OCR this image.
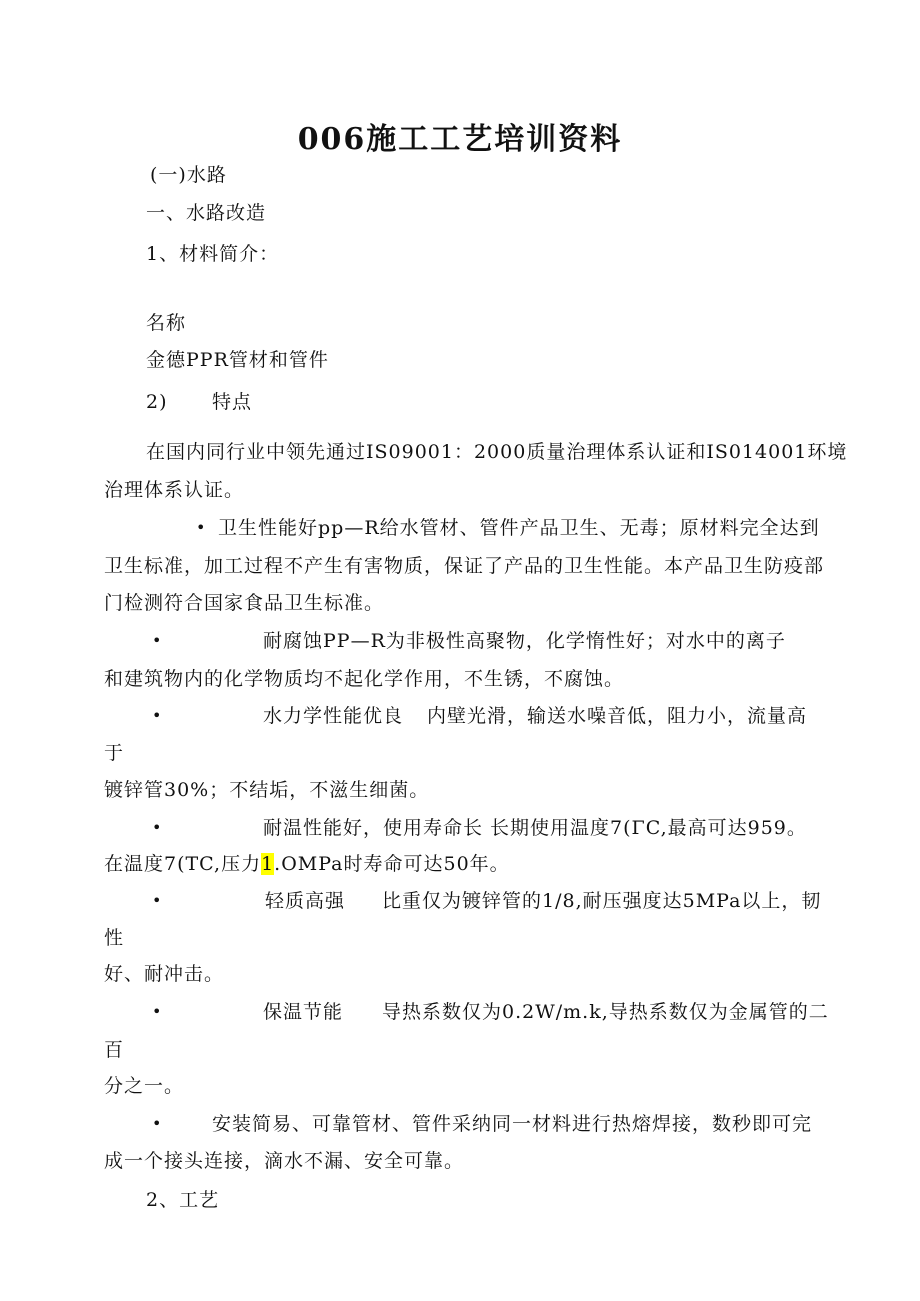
006施工工艺培训资料
(一)水路
一、水路改造
1、材料简介：
名称
金德PPR管材和管件
2) 特点
在国内同行业中领先通过IS09001：2000质量治理体系认证和IS014001环境
治理体系认证。
• 卫生性能好pp—R给水管材、管件产品卫生、无毒；原材料完全达到
卫生标准，加工过程不产生有害物质，保证了产品的卫生性能。本产品卫生防疫部
门检测符合国家食品卫生标准。
•	耐腐蚀PP—R为非极性高聚物，化学惰性好；对水中的离子
和建筑物内的化学物质均不起化学作用，不生锈，不腐蚀。
•	水力学性能优良 内壁光滑，输送水噪音低，阻力小，流量高
于
镀锌管30%；不结垢，不滋生细菌。
•	耐温性能好，使用寿命长 长期使用温度7(ΓC,最高可达959。
在温度7(TC,压力1.OMPa时寿命可达50年。
•	轻质高强 比重仅为镀锌管的1/8,耐压强度达5MPa以上，韧
性
好、耐冲击。
•	保温节能 导热系数仅为0.2W/m.k,导热系数仅为金属管的二
百
分之一。
•	安装简易、可靠管材、管件采纳同一材料进行热熔焊接，数秒即可完
成一个接头连接，滴水不漏、安全可靠。
2、工艺
